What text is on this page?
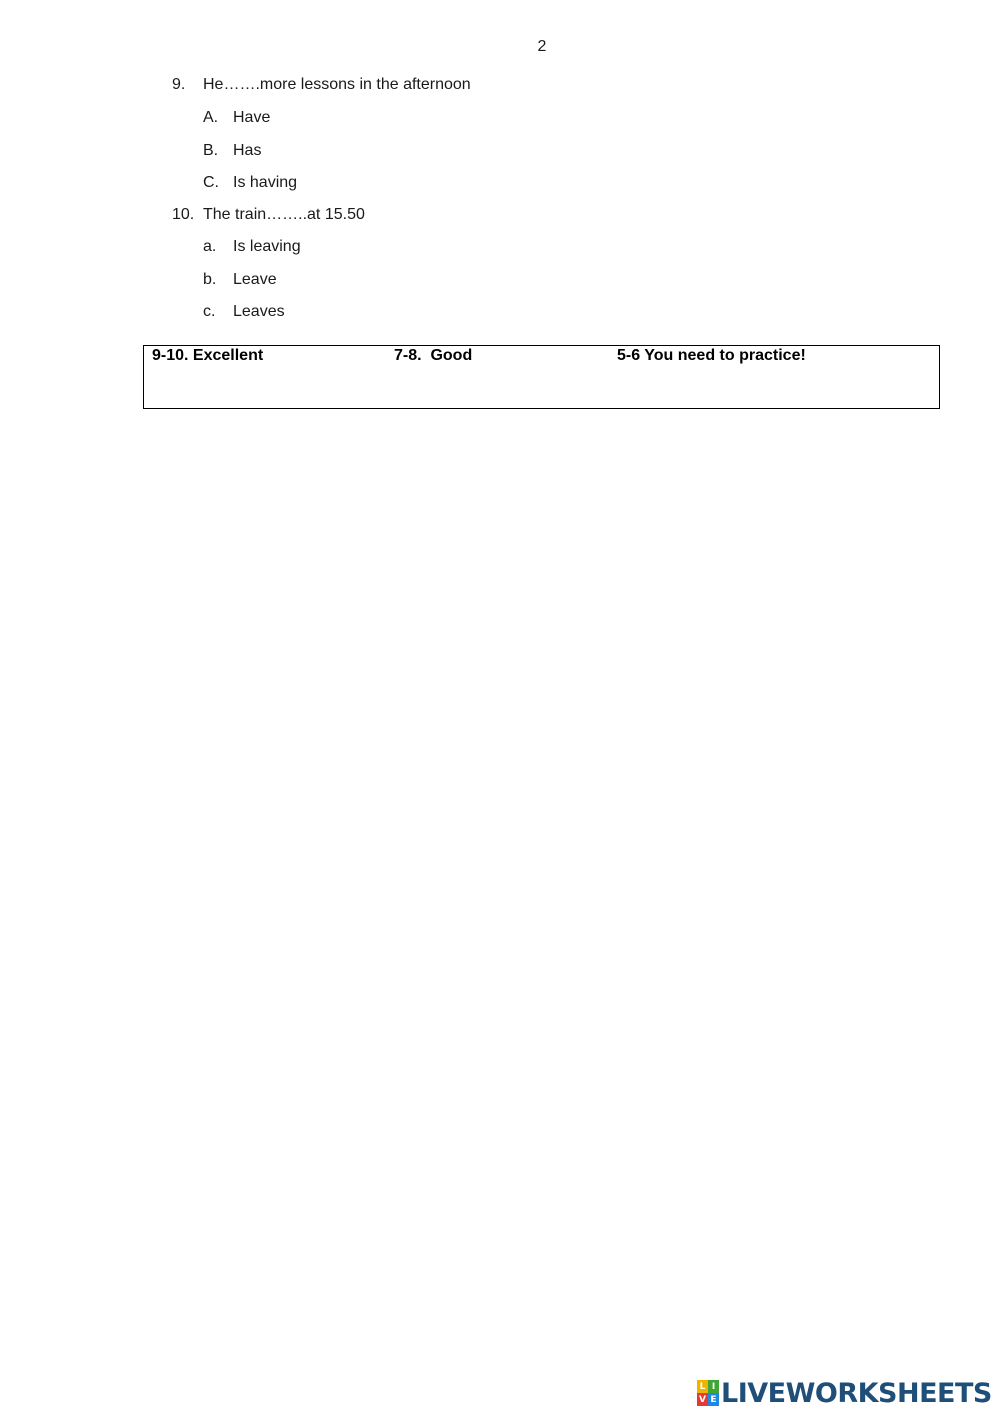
2
9. He…….more lessons in the afternoon
A. Have
B. Has
C. Is having
10. The train……..at 15.50
a. Is leaving
b. Leave
c. Leaves
9-10. Excellent	7-8.  Good	5-6 You need to practice!
L I
V E LIVEWORKSHEETS
